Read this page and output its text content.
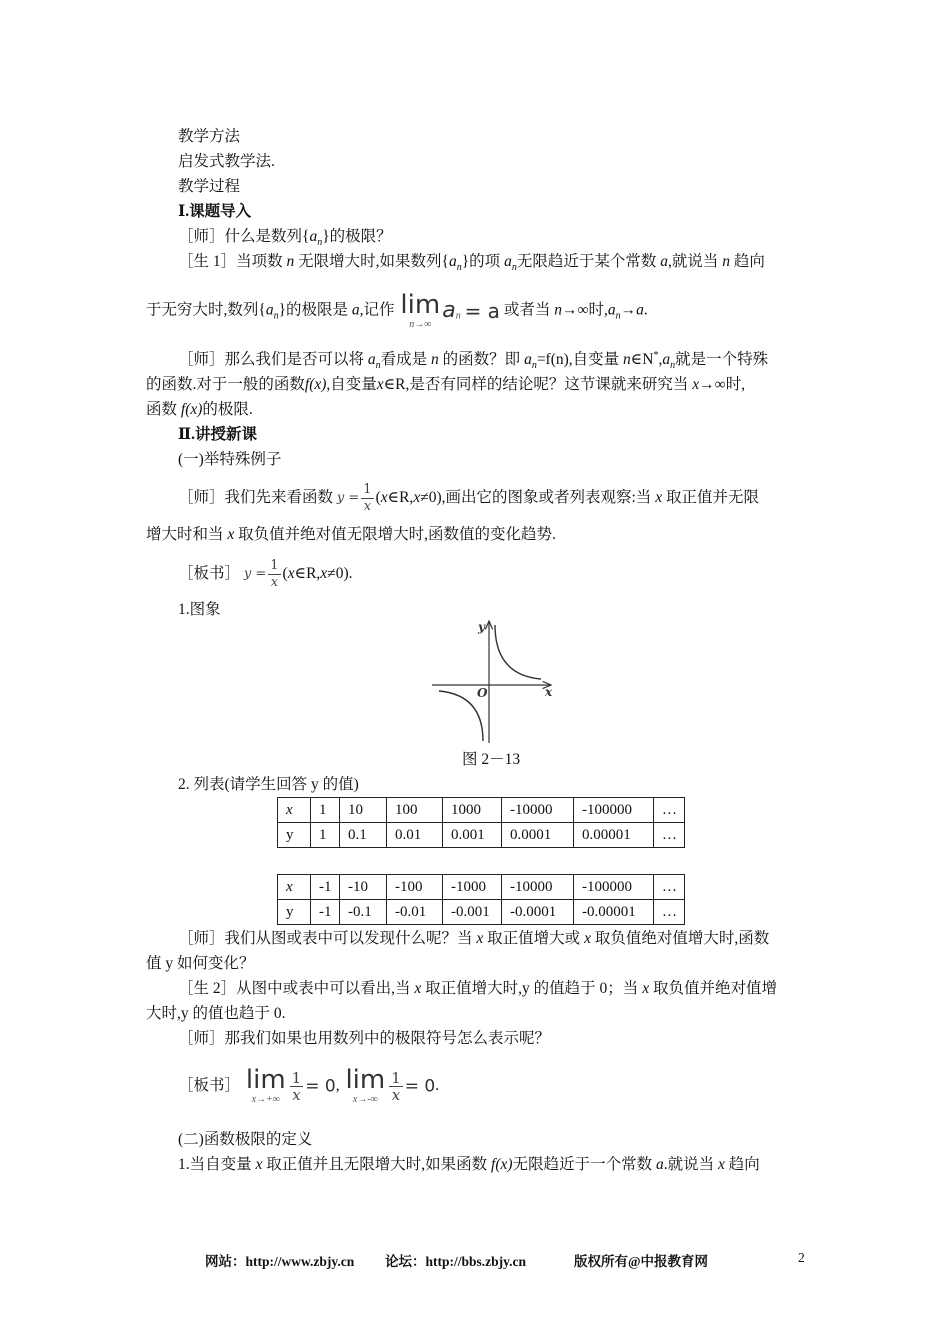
教学方法
启发式教学法.
教学过程
Ⅰ.课题导入
［师］什么是数列$\{a_n\}$的极限？
［生 1］当项数 n 无限增大时,如果数列$\{a_n\}$的项 $a_n$无限趋近于某个常数 a,就说当 n 趋向
于无穷大时,数列$\{a_n\}$的极限是 a,记作 lim
n→∞
$a_n = a$ 或者当 n→∞时$,a_n\to a$.
［师］那么我们是否可以将 $a_n$看成是 n 的函数？即 $a_n=f(n)$,自变量 $n\in N^*,a_n$就是一个特殊
的函数.对于一般的函数f(x),自变量x∈R,是否有同样的结论呢？这节课就来研究当 x→∞时,
函数 f(x)的极限.
Ⅱ.讲授新课
(一)举特殊例子
［师］我们先来看函数 $y = \frac{1}{x}$ (x∈R,x≠0),画出它的图象或者列表观察:当 x 取正值并无限
增大时和当 x 取负值并绝对值无限增大时,函数值的变化趋势.
［板书］ $y = \frac{1}{x}$ (x∈R,x≠0).
1.图象
y
x
O
图 2－13
2. 列表(请学生回答 y 的值)
x	1	10	100	1000	-10000	-100000	…
y	1	0.1	0.01	0.001	0.0001	0.00001	…
x	-1	-10	-100	-1000	-10000	-100000	…
y	-1	-0.1	-0.01	-0.001	-0.0001	-0.00001	…
［师］我们从图或表中可以发现什么呢？当 x 取正值增大或 x 取负值绝对值增大时,函数
值 y 如何变化？
［生 2］从图中或表中可以看出,当 x 取正值增大时,y 的值趋于 0；当 x 取负值并绝对值增
大时,y 的值也趋于 0.
［师］那我们如果也用数列中的极限符号怎么表示呢？
［板书］ lim
$x\to+\infty \frac{1}{x} = 0$, lim
$x\to-\infty \frac{1}{x} = 0$.
(二)函数极限的定义
1.当自变量 x 取正值并且无限增大时,如果函数 f(x)无限趋近于一个常数 a.就说当 x 趋向
网站：http://www.zbjy.cn 论坛：http://bbs.zbjy.cn	版权所有@中报教育网	2
